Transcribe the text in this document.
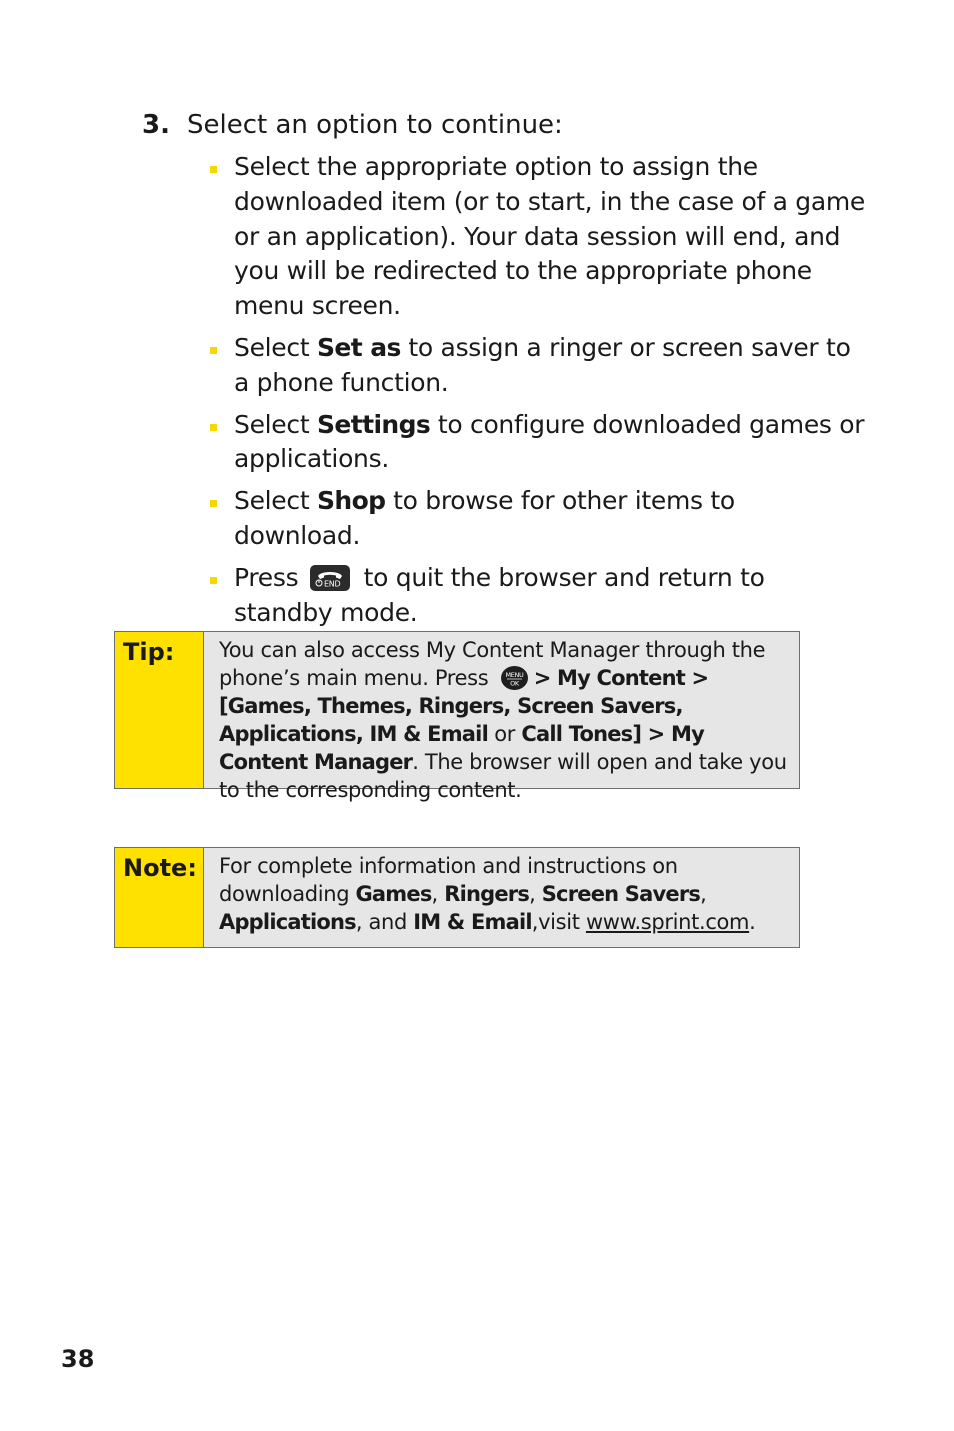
3. Select an option to continue:
Select the appropriate option to assign the downloaded item (or to start, in the case of a game or an application). Your data session will end, and you will be redirected to the appropriate phone menu screen.
Select Set as to assign a ringer or screen saver to a phone function.
Select Settings to configure downloaded games or applications.
Select Shop to browse for other items to download.
Press END to quit the browser and return to standby mode.
Tip:	You can also access My Content Manager through the phone’s main menu. Press MENU
OK > My Content > [Games, Themes, Ringers, Screen Savers, Applications, IM & Email or Call Tones] > My Content Manager. The browser will open and take you to the corresponding content.
Note:	For complete information and instructions on downloading Games, Ringers, Screen Savers, Applications, and IM & Email,visit www.sprint.com.
38
